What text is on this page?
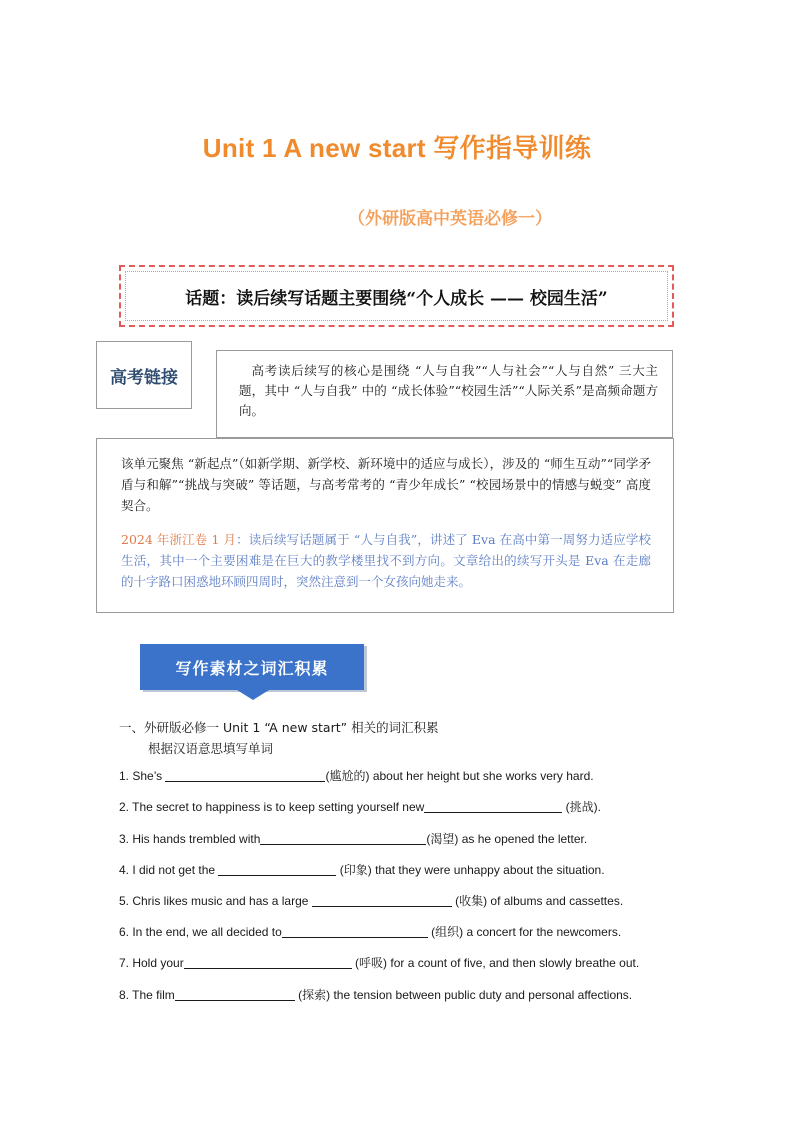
Unit 1 A new start 写作指导训练
（外研版高中英语必修一）
话题：读后续写话题主要围绕“个人成长 —— 校园生活”
高考读后续写的核心是围绕 “人与自我”“人与社会”“人与自然” 三大主题，其中 “人与自我” 中的 “成长体验”“校园生活”“人际关系”是高频命题方向。
高考链接

该单元聚焦 “新起点”（如新学期、新学校、新环境中的适应与成长），涉及的 “师生互动”“同学矛盾与和解”“挑战与突破” 等话题，与高考常考的 “青少年成长” “校园场景中的情感与蜕变” 高度契合。

2024 年浙江卷 1 月：读后续写话题属于 “人与自我”，讲述了 Eva 在高中第一周努力适应学校生活，其中一个主要困难是在巨大的教学楼里找不到方向。文章给出的续写开头是 Eva 在走廊的十字路口困惑地环顾四周时，突然注意到一个女孩向她走来。

写作素材之词汇积累
一、外研版必修一 Unit 1 “A new start” 相关的词汇积累
根据汉语意思填写单词
1. She’s	(尴尬的) about her height but she works very hard.
2. The secret to happiness is to keep setting yourself new	(挑战).
3. His hands trembled with	(渴望) as he opened the letter.
4. I did not get the	(印象) that they were unhappy about the situation.
5. Chris likes music and has a large	(收集) of albums and cassettes.
6. In the end, we all decided to	(组织) a concert for the newcomers.
7. Hold your	(呼吸) for a count of five, and then slowly breathe out.
8. The film	(探索) the tension between public duty and personal affections.
